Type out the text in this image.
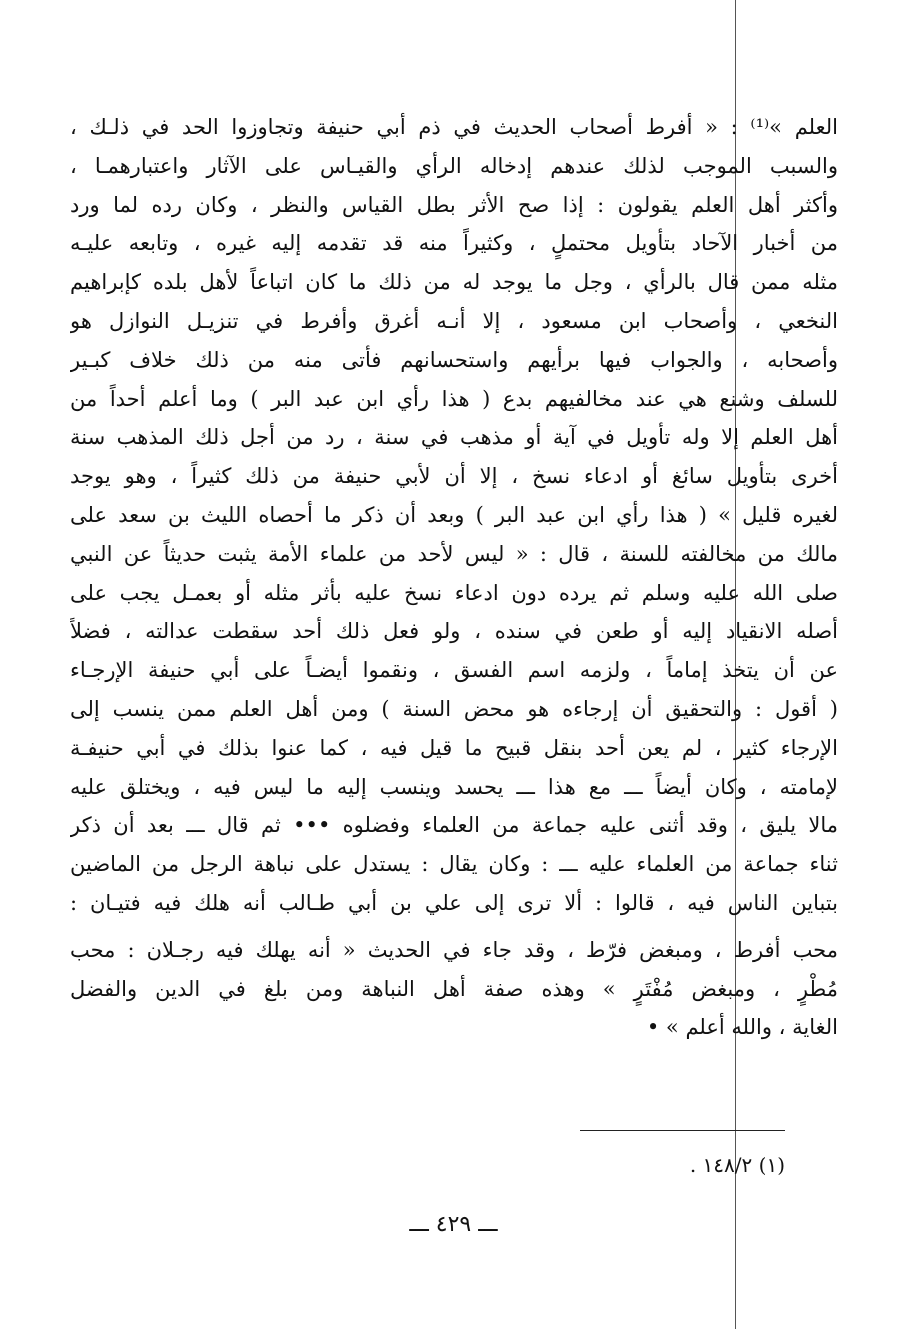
العلم »⁽¹⁾ : « أفرط أصحاب الحديث في ذم أبي حنيفة وتجاوزوا الحد في ذلـك ،
والسبب الموجب لذلك عندهم إدخاله الرأي والقيـاس على الآثار واعتبارهمـا ،
وأكثر أهل العلم يقولون : إذا صح الأثر بطل القياس والنظر ، وكان رده لما ورد
من أخبار الآحاد بتأويل محتملٍ ، وكثيراً منه قد تقدمه إليه غيره ، وتابعه عليـه
مثله ممن قال بالرأي ، وجل ما يوجد له من ذلك ما كان اتباعاً لأهل بلده كإبراهيم
النخعي ، وأصحاب ابن مسعود ، إلا أنـه أغرق وأفرط في تنزيـل النوازل هو
وأصحابه ، والجواب فيها برأيهم واستحسانهم فأتى منه من ذلك خلاف كبـير
للسلف وشنع هي عند مخالفيهم بدع ( هذا رأي ابن عبد البر ) وما أعلم أحداً من
أهل العلم إلا وله تأويل في آية أو مذهب في سنة ، رد من أجل ذلك المذهب سنة
أخرى بتأويل سائغ أو ادعاء نسخ ، إلا أن لأبي حنيفة من ذلك كثيراً ، وهو يوجد
لغيره قليل » ( هذا رأي ابن عبد البر ) وبعد أن ذكر ما أحصاه الليث بن سعد على
مالك من مخالفته للسنة ، قال : « ليس لأحد من علماء الأمة يثبت حديثاً عن النبي
صلى الله عليه وسلم ثم يرده دون ادعاء نسخ عليه بأثر مثله أو بعمـل يجب على
أصله الانقياد إليه أو طعن في سنده ، ولو فعل ذلك أحد سقطت عدالته ، فضلاً
عن أن يتخذ إماماً ، ولزمه اسم الفسق ، ونقموا أيضـاً على أبي حنيفة الإرجـاء
( أقول : والتحقيق أن إرجاءه هو محض السنة ) ومن أهل العلم ممن ينسب إلى
الإرجاء كثير ، لم يعن أحد بنقل قبيح ما قيل فيه ، كما عنوا بذلك في أبي حنيفـة
لإمامته ، وكان أيضاً ـــ مع هذا ـــ يحسد وينسب إليه ما ليس فيه ، ويختلق عليه
مالا يليق ، وقد أثنى عليه جماعة من العلماء وفضلوه ••• ثم قال ـــ بعد أن ذكر
ثناء جماعة من العلماء عليه ـــ : وكان يقال : يستدل على نباهة الرجل من الماضين
بتباين الناس فيه ، قالوا : ألا ترى إلى علي بن أبي طـالب أنه هلك فيه فتيـان :
محب أفرط ، ومبغض فرّط ، وقد جاء في الحديث « أنه يهلك فيه رجـلان : محب
مُطْرٍ ، ومبغض مُفْتَرٍ » وهذه صفة أهل النباهة ومن بلغ في الدين والفضل
الغاية ، والله أعلم » •
(١) ١٤٨/٢ .
ـــ ٤٢٩ ـــ
